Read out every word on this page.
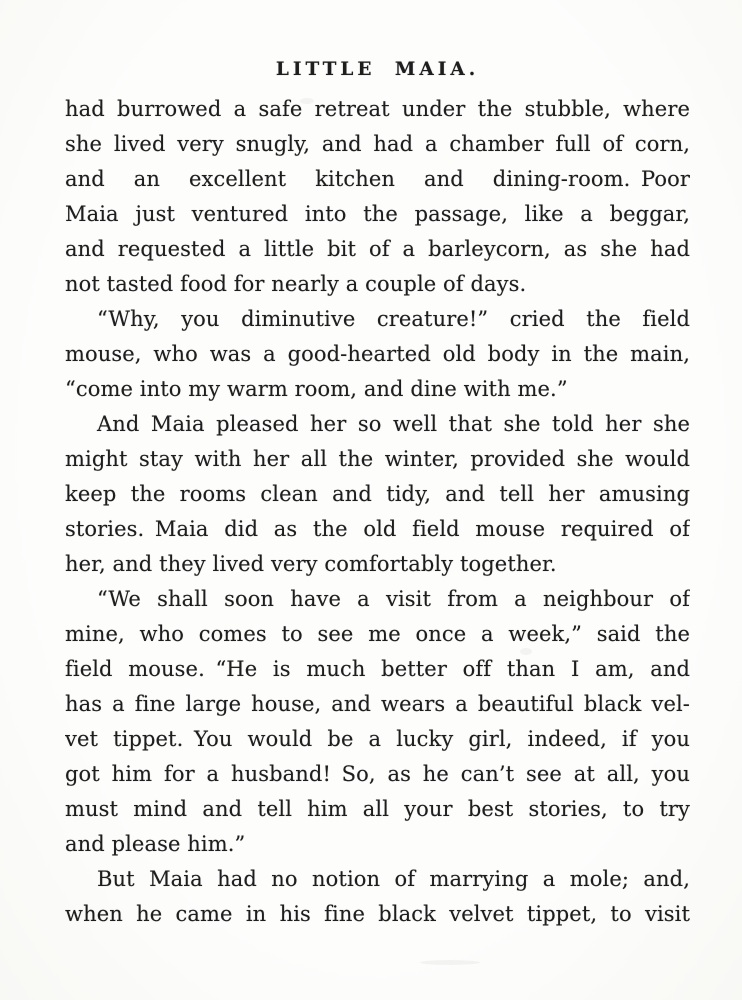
LITTLE MAIA.
had burrowed a safe retreat under the stubble, where
she lived very snugly, and had a chamber full of corn,
and an excellent kitchen and dining-room. Poor
Maia just ventured into the passage, like a beggar,
and requested a little bit of a barleycorn, as she had
not tasted food for nearly a couple of days.
“Why, you diminutive creature!” cried the field
mouse, who was a good-hearted old body in the main,
“come into my warm room, and dine with me.”
And Maia pleased her so well that she told her she
might stay with her all the winter, provided she would
keep the rooms clean and tidy, and tell her amusing
stories. Maia did as the old field mouse required of
her, and they lived very comfortably together.
“We shall soon have a visit from a neighbour of
mine, who comes to see me once a week,” said the
field mouse. “He is much better off than I am, and
has a fine large house, and wears a beautiful black vel-
vet tippet. You would be a lucky girl, indeed, if you
got him for a husband! So, as he can’t see at all, you
must mind and tell him all your best stories, to try
and please him.”
But Maia had no notion of marrying a mole; and,
when he came in his fine black velvet tippet, to visit
